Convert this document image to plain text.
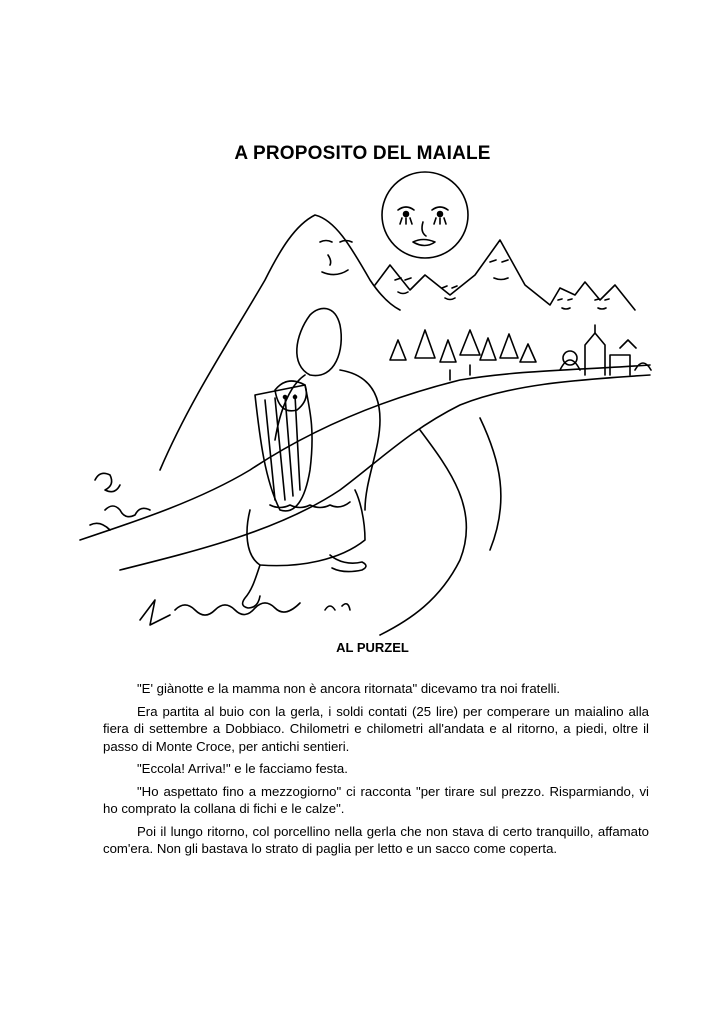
A PROPOSITO DEL MAIALE
AL PURZEL

"E' giànotte e la mamma non è ancora ritornata" dicevamo tra noi fratelli.

Era partita al buio con la gerla, i soldi contati (25 lire) per comperare un maialino alla fiera di settembre a Dobbiaco. Chilometri e chilometri all'andata e al ritorno, a piedi, oltre il passo di Monte Croce, per antichi sentieri.

"Eccola! Arriva!" e le facciamo festa.

"Ho aspettato fino a mezzogiorno" ci racconta "per tirare sul prezzo. Risparmiando, vi ho comprato la collana di fichi e le calze".

Poi il lungo ritorno, col porcellino nella gerla che non stava di certo tranquillo, affamato com'era. Non gli bastava lo strato di paglia per letto e un sacco come coperta.
